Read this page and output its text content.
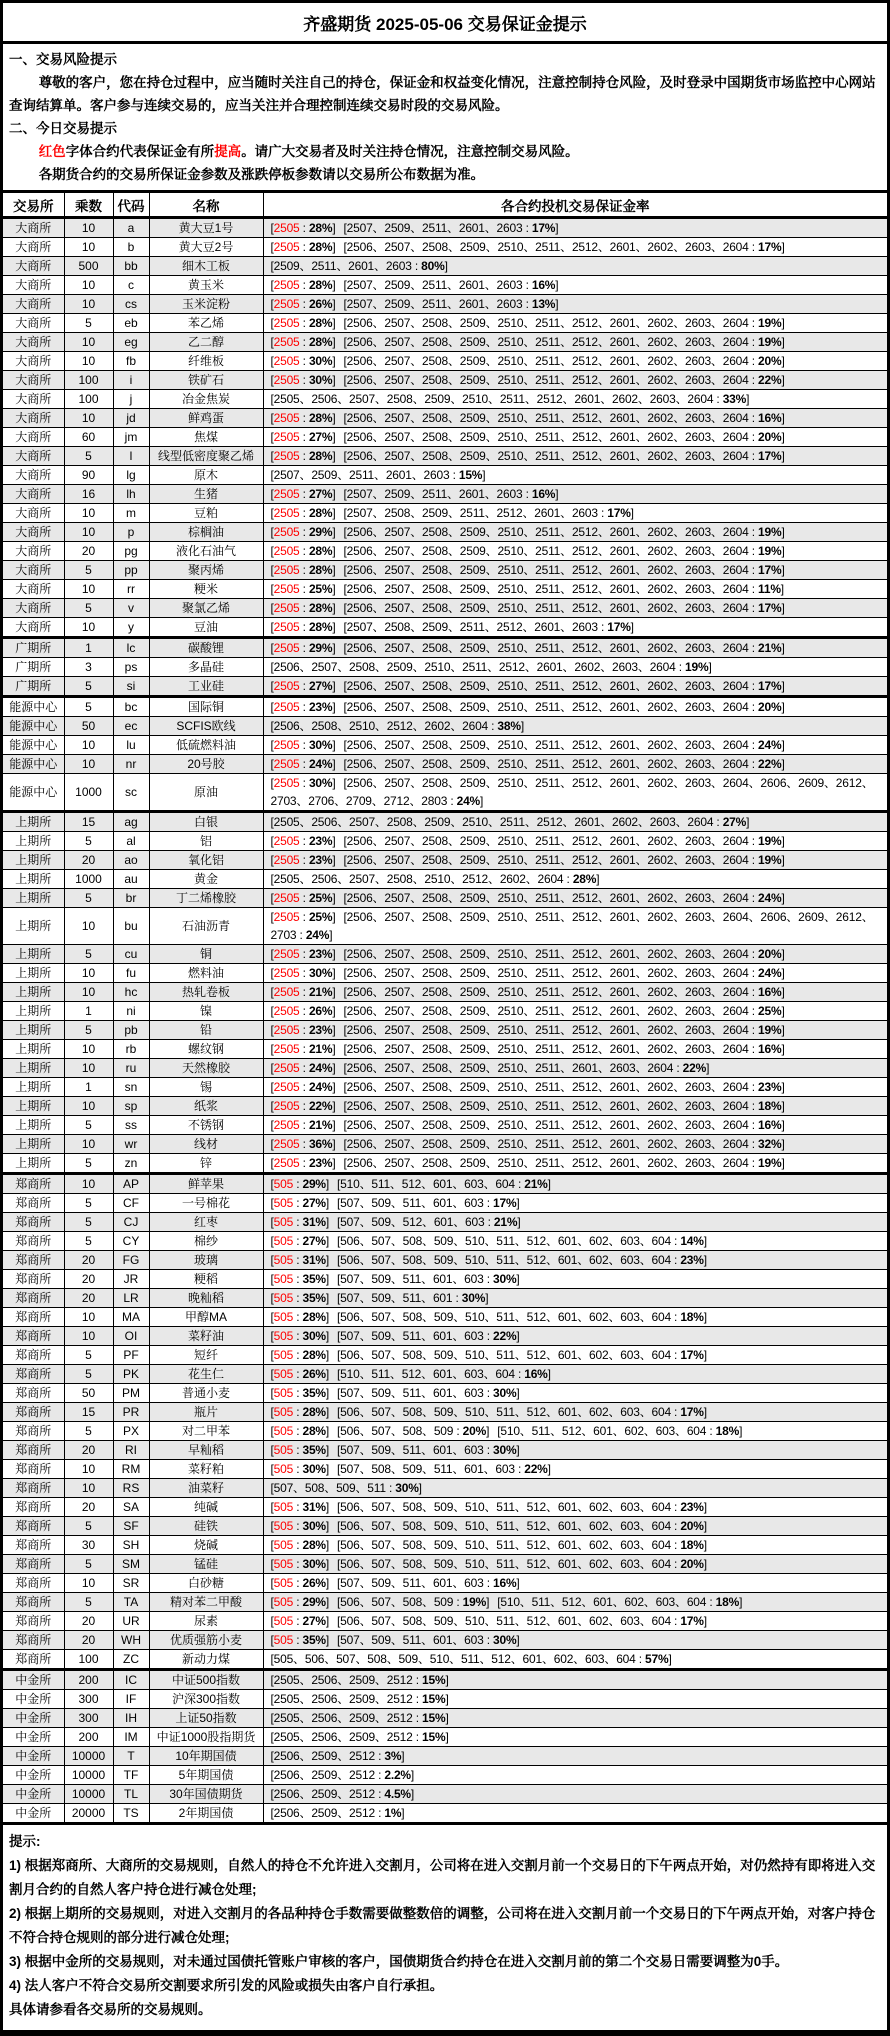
齐盛期货 2025-05-06 交易保证金提示
一、交易风险提示
尊敬的客户，您在持仓过程中，应当随时关注自己的持仓，保证金和权益变化情况，注意控制持仓风险，及时登录中国期货市场监控中心网站查询结算单。客户参与连续交易的，应当关注并合理控制连续交易时段的交易风险。
二、今日交易提示
红色字体合约代表保证金有所提高。请广大交易者及时关注持仓情况，注意控制交易风险。
各期货合约的交易所保证金参数及涨跌停板参数请以交易所公布数据为准。
交易所	乘数	代码	名称	各合约投机交易保证金率
大商所	10	a	黄大豆1号	[2505 : 28%] [2507、2509、2511、2601、2603 : 17%]
大商所	10	b	黄大豆2号	[2505 : 28%] [2506、2507、2508、2509、2510、2511、2512、2601、2602、2603、2604 : 17%]
大商所	500	bb	细木工板	[2509、2511、2601、2603 : 80%]
大商所	10	c	黄玉米	[2505 : 28%] [2507、2509、2511、2601、2603 : 16%]
大商所	10	cs	玉米淀粉	[2505 : 26%] [2507、2509、2511、2601、2603 : 13%]
大商所	5	eb	苯乙烯	[2505 : 28%] [2506、2507、2508、2509、2510、2511、2512、2601、2602、2603、2604 : 19%]
大商所	10	eg	乙二醇	[2505 : 28%] [2506、2507、2508、2509、2510、2511、2512、2601、2602、2603、2604 : 19%]
大商所	10	fb	纤维板	[2505 : 30%] [2506、2507、2508、2509、2510、2511、2512、2601、2602、2603、2604 : 20%]
大商所	100	i	铁矿石	[2505 : 30%] [2506、2507、2508、2509、2510、2511、2512、2601、2602、2603、2604 : 22%]
大商所	100	j	冶金焦炭	[2505、2506、2507、2508、2509、2510、2511、2512、2601、2602、2603、2604 : 33%]
大商所	10	jd	鲜鸡蛋	[2505 : 28%] [2506、2507、2508、2509、2510、2511、2512、2601、2602、2603、2604 : 16%]
大商所	60	jm	焦煤	[2505 : 27%] [2506、2507、2508、2509、2510、2511、2512、2601、2602、2603、2604 : 20%]
大商所	5	l	线型低密度聚乙烯	[2505 : 28%] [2506、2507、2508、2509、2510、2511、2512、2601、2602、2603、2604 : 17%]
大商所	90	lg	原木	[2507、2509、2511、2601、2603 : 15%]
大商所	16	lh	生猪	[2505 : 27%] [2507、2509、2511、2601、2603 : 16%]
大商所	10	m	豆粕	[2505 : 28%] [2507、2508、2509、2511、2512、2601、2603 : 17%]
大商所	10	p	棕榈油	[2505 : 29%] [2506、2507、2508、2509、2510、2511、2512、2601、2602、2603、2604 : 19%]
大商所	20	pg	液化石油气	[2505 : 28%] [2506、2507、2508、2509、2510、2511、2512、2601、2602、2603、2604 : 19%]
大商所	5	pp	聚丙烯	[2505 : 28%] [2506、2507、2508、2509、2510、2511、2512、2601、2602、2603、2604 : 17%]
大商所	10	rr	粳米	[2505 : 25%] [2506、2507、2508、2509、2510、2511、2512、2601、2602、2603、2604 : 11%]
大商所	5	v	聚氯乙烯	[2505 : 28%] [2506、2507、2508、2509、2510、2511、2512、2601、2602、2603、2604 : 17%]
大商所	10	y	豆油	[2505 : 28%] [2507、2508、2509、2511、2512、2601、2603 : 17%]
广期所	1	lc	碳酸锂	[2505 : 29%] [2506、2507、2508、2509、2510、2511、2512、2601、2602、2603、2604 : 21%]
广期所	3	ps	多晶硅	[2506、2507、2508、2509、2510、2511、2512、2601、2602、2603、2604 : 19%]
广期所	5	si	工业硅	[2505 : 27%] [2506、2507、2508、2509、2510、2511、2512、2601、2602、2603、2604 : 17%]
能源中心	5	bc	国际铜	[2505 : 23%] [2506、2507、2508、2509、2510、2511、2512、2601、2602、2603、2604 : 20%]
能源中心	50	ec	SCFIS欧线	[2506、2508、2510、2512、2602、2604 : 38%]
能源中心	10	lu	低硫燃料油	[2505 : 30%] [2506、2507、2508、2509、2510、2511、2512、2601、2602、2603、2604 : 24%]
能源中心	10	nr	20号胶	[2505 : 24%] [2506、2507、2508、2509、2510、2511、2512、2601、2602、2603、2604 : 22%]
能源中心	1000	sc	原油	[2505 : 30%] [2506、2507、2508、2509、2510、2511、2512、2601、2602、2603、2604、2606、2609、2612、2703、2706、2709、2712、2803 : 24%]
上期所	15	ag	白银	[2505、2506、2507、2508、2509、2510、2511、2512、2601、2602、2603、2604 : 27%]
上期所	5	al	铝	[2505 : 23%] [2506、2507、2508、2509、2510、2511、2512、2601、2602、2603、2604 : 19%]
上期所	20	ao	氧化铝	[2505 : 23%] [2506、2507、2508、2509、2510、2511、2512、2601、2602、2603、2604 : 19%]
上期所	1000	au	黄金	[2505、2506、2507、2508、2510、2512、2602、2604 : 28%]
上期所	5	br	丁二烯橡胶	[2505 : 25%] [2506、2507、2508、2509、2510、2511、2512、2601、2602、2603、2604 : 24%]
上期所	10	bu	石油沥青	[2505 : 25%] [2506、2507、2508、2509、2510、2511、2512、2601、2602、2603、2604、2606、2609、2612、2703 : 24%]
上期所	5	cu	铜	[2505 : 23%] [2506、2507、2508、2509、2510、2511、2512、2601、2602、2603、2604 : 20%]
上期所	10	fu	燃料油	[2505 : 30%] [2506、2507、2508、2509、2510、2511、2512、2601、2602、2603、2604 : 24%]
上期所	10	hc	热轧卷板	[2505 : 21%] [2506、2507、2508、2509、2510、2511、2512、2601、2602、2603、2604 : 16%]
上期所	1	ni	镍	[2505 : 26%] [2506、2507、2508、2509、2510、2511、2512、2601、2602、2603、2604 : 25%]
上期所	5	pb	铅	[2505 : 23%] [2506、2507、2508、2509、2510、2511、2512、2601、2602、2603、2604 : 19%]
上期所	10	rb	螺纹钢	[2505 : 21%] [2506、2507、2508、2509、2510、2511、2512、2601、2602、2603、2604 : 16%]
上期所	10	ru	天然橡胶	[2505 : 24%] [2506、2507、2508、2509、2510、2511、2601、2603、2604 : 22%]
上期所	1	sn	锡	[2505 : 24%] [2506、2507、2508、2509、2510、2511、2512、2601、2602、2603、2604 : 23%]
上期所	10	sp	纸浆	[2505 : 22%] [2506、2507、2508、2509、2510、2511、2512、2601、2602、2603、2604 : 18%]
上期所	5	ss	不锈钢	[2505 : 21%] [2506、2507、2508、2509、2510、2511、2512、2601、2602、2603、2604 : 16%]
上期所	10	wr	线材	[2505 : 36%] [2506、2507、2508、2509、2510、2511、2512、2601、2602、2603、2604 : 32%]
上期所	5	zn	锌	[2505 : 23%] [2506、2507、2508、2509、2510、2511、2512、2601、2602、2603、2604 : 19%]
郑商所	10	AP	鲜苹果	[505 : 29%] [510、511、512、601、603、604 : 21%]
郑商所	5	CF	一号棉花	[505 : 27%] [507、509、511、601、603 : 17%]
郑商所	5	CJ	红枣	[505 : 31%] [507、509、512、601、603 : 21%]
郑商所	5	CY	棉纱	[505 : 27%] [506、507、508、509、510、511、512、601、602、603、604 : 14%]
郑商所	20	FG	玻璃	[505 : 31%] [506、507、508、509、510、511、512、601、602、603、604 : 23%]
郑商所	20	JR	粳稻	[505 : 35%] [507、509、511、601、603 : 30%]
郑商所	20	LR	晚籼稻	[505 : 35%] [507、509、511、601 : 30%]
郑商所	10	MA	甲醇MA	[505 : 28%] [506、507、508、509、510、511、512、601、602、603、604 : 18%]
郑商所	10	OI	菜籽油	[505 : 30%] [507、509、511、601、603 : 22%]
郑商所	5	PF	短纤	[505 : 28%] [506、507、508、509、510、511、512、601、602、603、604 : 17%]
郑商所	5	PK	花生仁	[505 : 26%] [510、511、512、601、603、604 : 16%]
郑商所	50	PM	普通小麦	[505 : 35%] [507、509、511、601、603 : 30%]
郑商所	15	PR	瓶片	[505 : 28%] [506、507、508、509、510、511、512、601、602、603、604 : 17%]
郑商所	5	PX	对二甲苯	[505 : 28%] [506、507、508、509 : 20%] [510、511、512、601、602、603、604 : 18%]
郑商所	20	RI	早籼稻	[505 : 35%] [507、509、511、601、603 : 30%]
郑商所	10	RM	菜籽粕	[505 : 30%] [507、508、509、511、601、603 : 22%]
郑商所	10	RS	油菜籽	[507、508、509、511 : 30%]
郑商所	20	SA	纯碱	[505 : 31%] [506、507、508、509、510、511、512、601、602、603、604 : 23%]
郑商所	5	SF	硅铁	[505 : 30%] [506、507、508、509、510、511、512、601、602、603、604 : 20%]
郑商所	30	SH	烧碱	[505 : 28%] [506、507、508、509、510、511、512、601、602、603、604 : 18%]
郑商所	5	SM	锰硅	[505 : 30%] [506、507、508、509、510、511、512、601、602、603、604 : 20%]
郑商所	10	SR	白砂糖	[505 : 26%] [507、509、511、601、603 : 16%]
郑商所	5	TA	精对苯二甲酸	[505 : 29%] [506、507、508、509 : 19%] [510、511、512、601、602、603、604 : 18%]
郑商所	20	UR	尿素	[505 : 27%] [506、507、508、509、510、511、512、601、602、603、604 : 17%]
郑商所	20	WH	优质强筋小麦	[505 : 35%] [507、509、511、601、603 : 30%]
郑商所	100	ZC	新动力煤	[505、506、507、508、509、510、511、512、601、602、603、604 : 57%]
中金所	200	IC	中证500指数	[2505、2506、2509、2512 : 15%]
中金所	300	IF	沪深300指数	[2505、2506、2509、2512 : 15%]
中金所	300	IH	上证50指数	[2505、2506、2509、2512 : 15%]
中金所	200	IM	中证1000股指期货	[2505、2506、2509、2512 : 15%]
中金所	10000	T	10年期国债	[2506、2509、2512 : 3%]
中金所	10000	TF	5年期国债	[2506、2509、2512 : 2.2%]
中金所	10000	TL	30年国债期货	[2506、2509、2512 : 4.5%]
中金所	20000	TS	2年期国债	[2506、2509、2512 : 1%]
提示:
1) 根据郑商所、大商所的交易规则，自然人的持仓不允许进入交割月，公司将在进入交割月前一个交易日的下午两点开始，对仍然持有即将进入交割月合约的自然人客户持仓进行减仓处理;
2) 根据上期所的交易规则，对进入交割月的各品种持仓手数需要做整数倍的调整，公司将在进入交割月前一个交易日的下午两点开始，对客户持仓不符合持仓规则的部分进行减仓处理;
3) 根据中金所的交易规则，对未通过国债托管账户审核的客户，国债期货合约持仓在进入交割月前的第二个交易日需要调整为0手。
4) 法人客户不符合交易所交割要求所引发的风险或损失由客户自行承担。
具体请参看各交易所的交易规则。
